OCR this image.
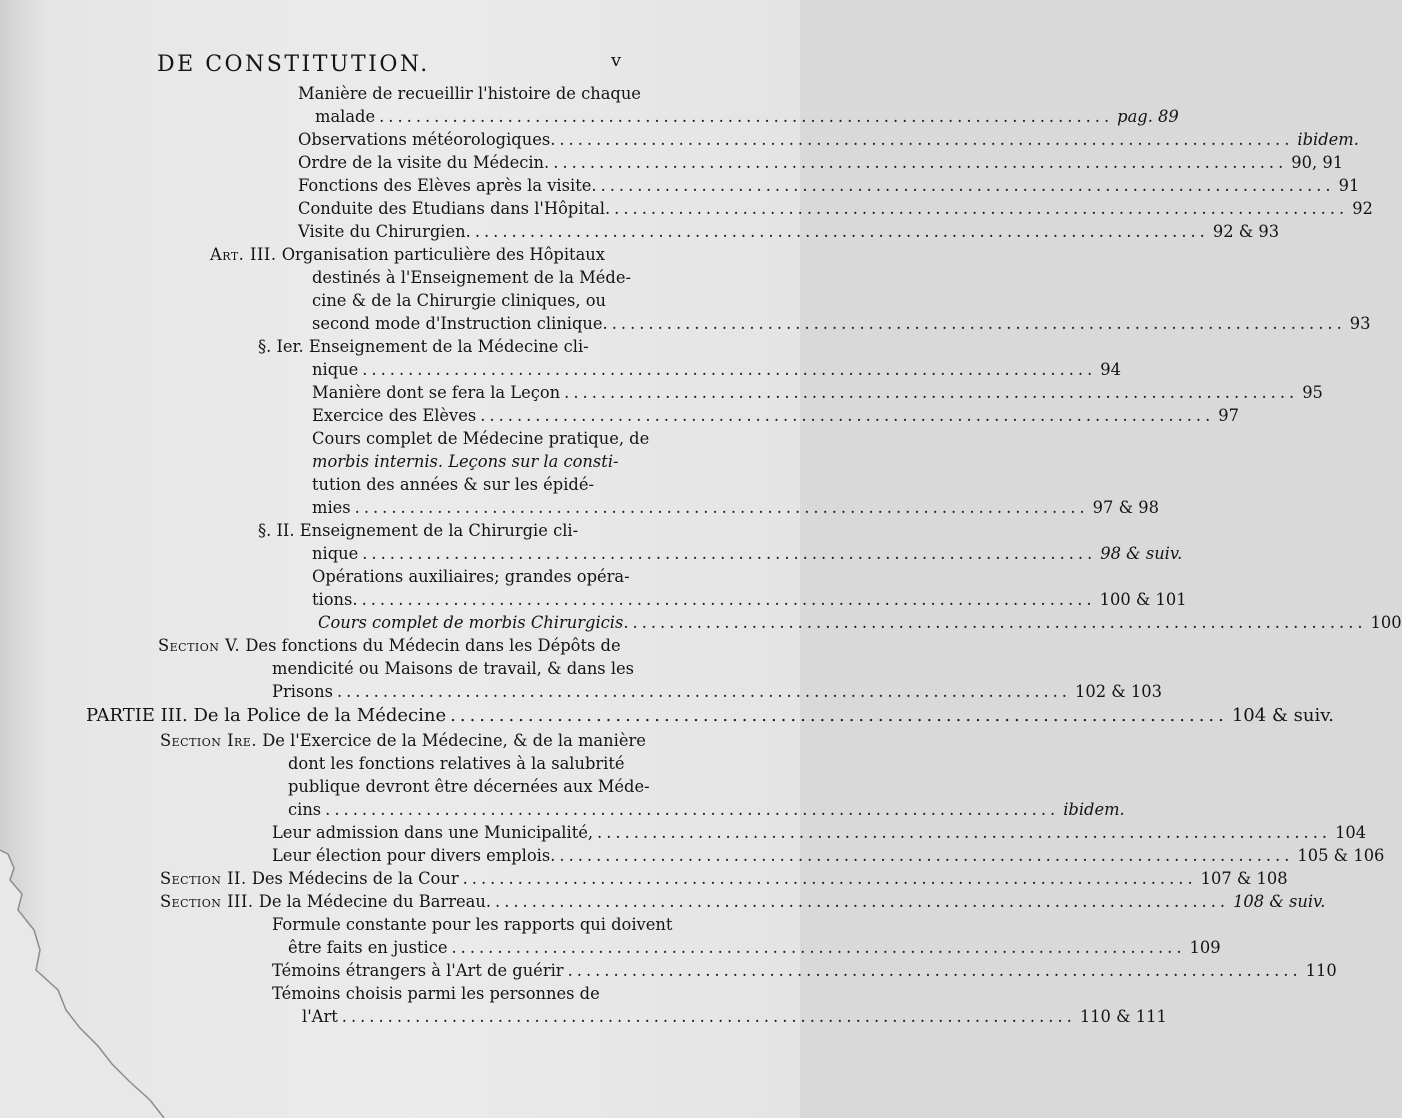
DE CONSTITUTION.	v
Manière de recueillir l'histoire de chaque
malade ................................................................................ pag. 89
Observations météorologiques. ................................................................................ ibidem.
Ordre de la visite du Médecin. ................................................................................ 90, 91
Fonctions des Elèves après la visite. ................................................................................ 91
Conduite des Etudians dans l'Hôpital. ................................................................................ 92
Visite du Chirurgien. ................................................................................ 92 & 93
Art. III. Organisation particulière des Hôpitaux
destinés à l'Enseignement de la Méde-
cine & de la Chirurgie cliniques, ou
second mode d'Instruction clinique. ................................................................................ 93
§. Ier. Enseignement de la Médecine cli-
nique ................................................................................ 94
Manière dont se fera la Leçon ................................................................................ 95
Exercice des Elèves ................................................................................ 97
Cours complet de Médecine pratique, de
morbis internis. Leçons sur la consti-
tution des années & sur les épidé-
mies ................................................................................ 97 & 98
§. II. Enseignement de la Chirurgie cli-
nique ................................................................................ 98 & suiv.
Opérations auxiliaires; grandes opéra-
tions. ................................................................................ 100 & 101
Cours complet de morbis Chirurgicis. ................................................................................ 100
Section V. Des fonctions du Médecin dans les Dépôts de
mendicité ou Maisons de travail, & dans les
Prisons ................................................................................ 102 & 103
PARTIE III.
De la Police de la Médecine ................................................................................ 104 & suiv.
Section Ire. De l'Exercice de la Médecine, & de la manière
dont les fonctions relatives à la salubrité
publique devront être décernées aux Méde-
cins ................................................................................ ibidem.
Leur admission dans une Municipalité, ................................................................................ 104
Leur élection pour divers emplois. ................................................................................ 105 & 106
Section II.
Des Médecins de la Cour ................................................................................ 107 & 108
Section III.
De la Médecine du Barreau. ................................................................................ 108 & suiv.
Formule constante pour les rapports qui doivent
être faits en justice ................................................................................ 109
Témoins étrangers à l'Art de guérir ................................................................................ 110
Témoins choisis parmi les personnes de
l'Art ................................................................................ 110 & 111
